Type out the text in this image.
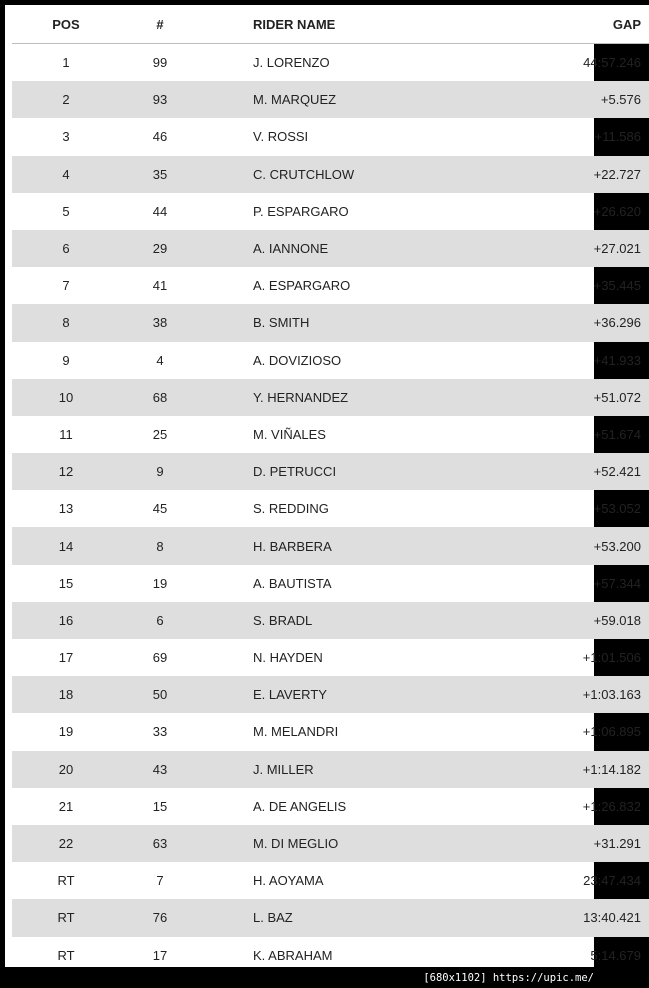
POS	#	RIDER NAME	GAP
1	99	J. LORENZO	44:57.246
2	93	M. MARQUEZ	+5.576
3	46	V. ROSSI	+11.586
4	35	C. CRUTCHLOW	+22.727
5	44	P. ESPARGARO	+26.620
6	29	A. IANNONE	+27.021
7	41	A. ESPARGARO	+35.445
8	38	B. SMITH	+36.296
9	4	A. DOVIZIOSO	+41.933
10	68	Y. HERNANDEZ	+51.072
11	25	M. VIÑALES	+51.674
12	9	D. PETRUCCI	+52.421
13	45	S. REDDING	+53.052
14	8	H. BARBERA	+53.200
15	19	A. BAUTISTA	+57.344
16	6	S. BRADL	+59.018
17	69	N. HAYDEN	+1:01.506
18	50	E. LAVERTY	+1:03.163
19	33	M. MELANDRI	+1:06.895
20	43	J. MILLER	+1:14.182
21	15	A. DE ANGELIS	+1:26.832
22	63	M. DI MEGLIO	+31.291
RT	7	H. AOYAMA	23:47.434
RT	76	L. BAZ	13:40.421
RT	17	K. ABRAHAM	5:14.679
[680x1102] https://upic.me/
